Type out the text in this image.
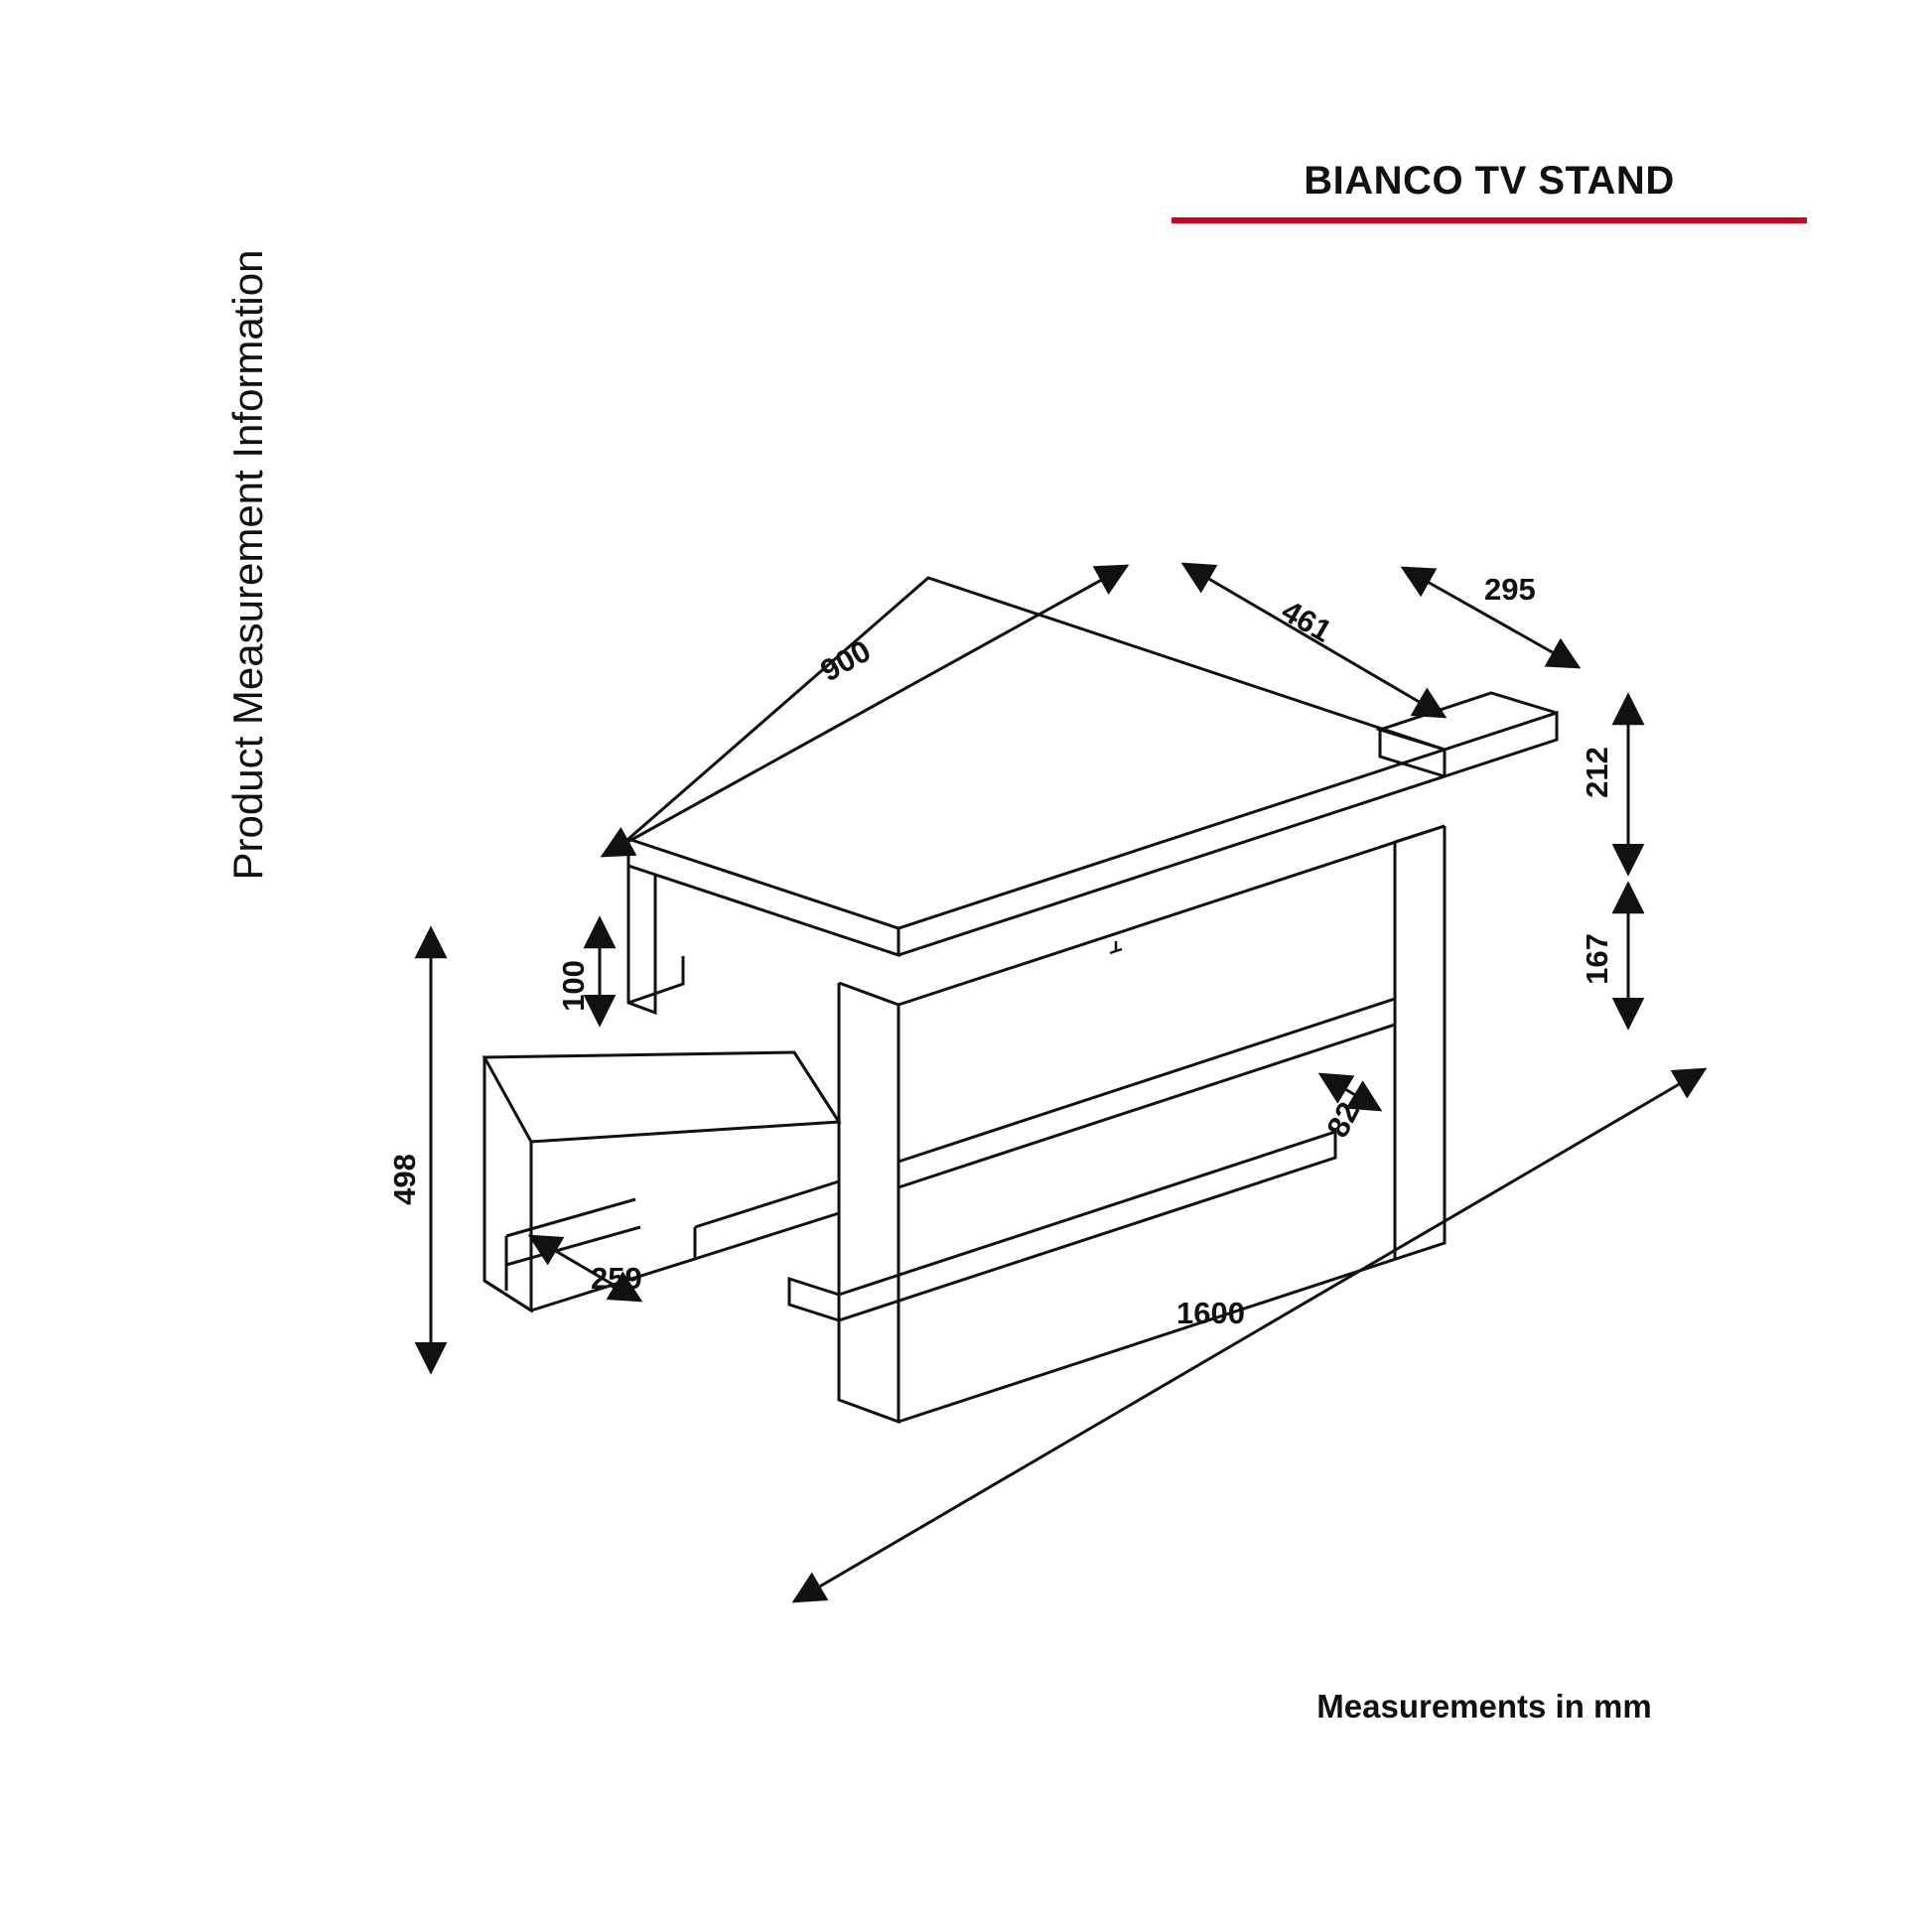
BIANCO TV STAND
Product Measurement Information
Measurements in mm
900
461
295
212
167
100
498
259
82
1600
